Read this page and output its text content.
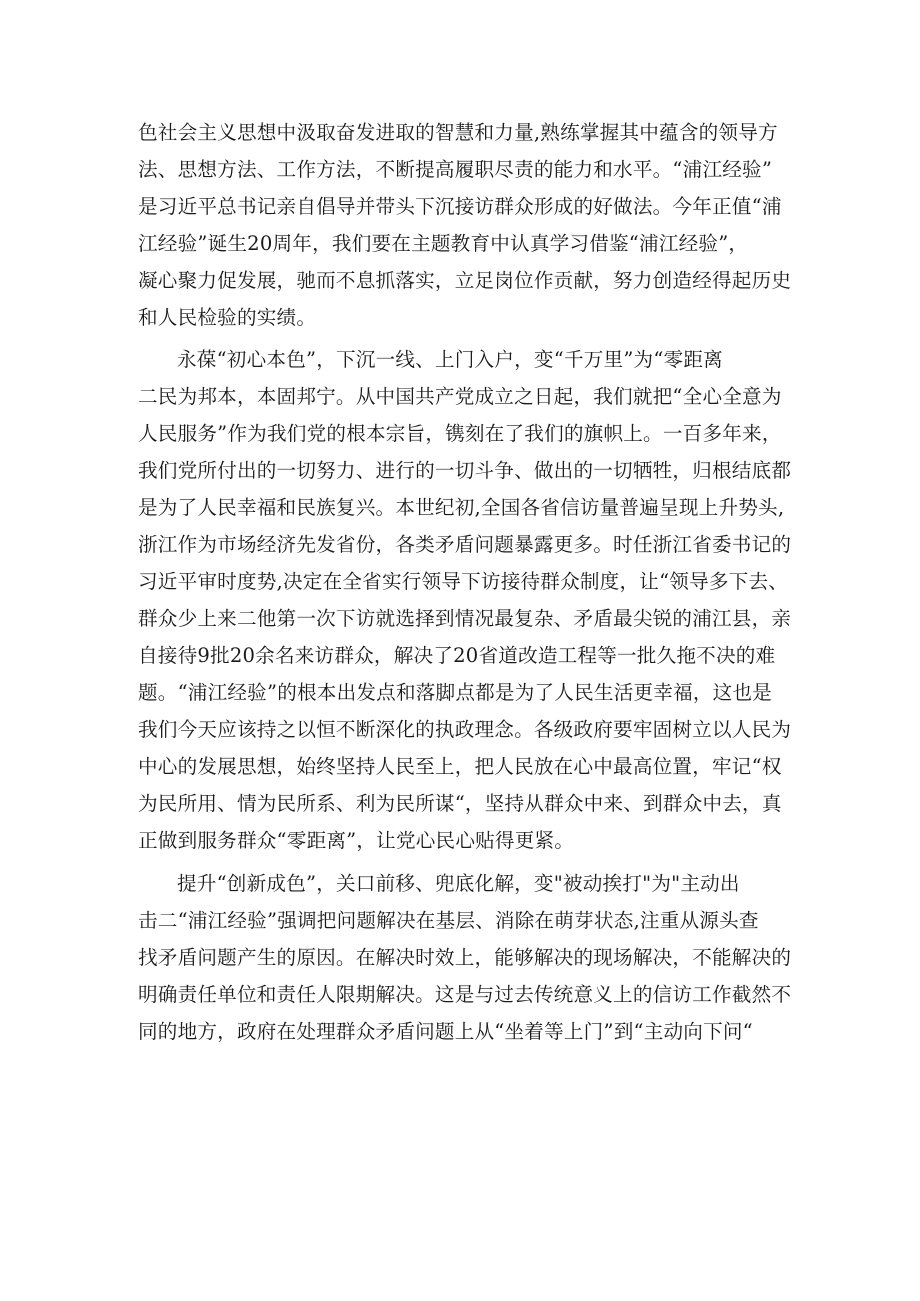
色社会主义思想中汲取奋发进取的智慧和力量,熟练掌握其中蕴含的领导方
法、思想方法、工作方法，不断提高履职尽责的能力和水平。“浦江经验”
是习近平总书记亲自倡导并带头下沉接访群众形成的好做法。今年正值“浦
江经验”诞生20周年，我们要在主题教育中认真学习借鉴“浦江经验”，
凝心聚力促发展，驰而不息抓落实，立足岗位作贡献，努力创造经得起历史
和人民检验的实绩。
永葆“初心本色”，下沉一线、上门入户，变“千万里”为“零距离
二民为邦本，本固邦宁。从中国共产党成立之日起，我们就把“全心全意为
人民服务”作为我们党的根本宗旨，镌刻在了我们的旗帜上。一百多年来，
我们党所付出的一切努力、进行的一切斗争、做出的一切牺牲，归根结底都
是为了人民幸福和民族复兴。本世纪初,全国各省信访量普遍呈现上升势头,
浙江作为市场经济先发省份，各类矛盾问题暴露更多。时任浙江省委书记的
习近平审时度势,决定在全省实行领导下访接待群众制度，让“领导多下去、
群众少上来二他第一次下访就选择到情况最复杂、矛盾最尖锐的浦江县，亲
自接待9批20余名来访群众，解决了20省道改造工程等一批久拖不决的难
题。“浦江经验”的根本出发点和落脚点都是为了人民生活更幸福，这也是
我们今天应该持之以恒不断深化的执政理念。各级政府要牢固树立以人民为
中心的发展思想，始终坚持人民至上，把人民放在心中最高位置，牢记“权
为民所用、情为民所系、利为民所谋“，坚持从群众中来、到群众中去，真
正做到服务群众“零距离”，让党心民心贴得更紧。
提升“创新成色”，关口前移、兜底化解，变"被动挨打"为"主动出
击二“浦江经验”强调把问题解决在基层、消除在萌芽状态,注重从源头查
找矛盾问题产生的原因。在解决时效上，能够解决的现场解决，不能解决的
明确责任单位和责任人限期解决。这是与过去传统意义上的信访工作截然不
同的地方，政府在处理群众矛盾问题上从“坐着等上门”到“主动向下问“
